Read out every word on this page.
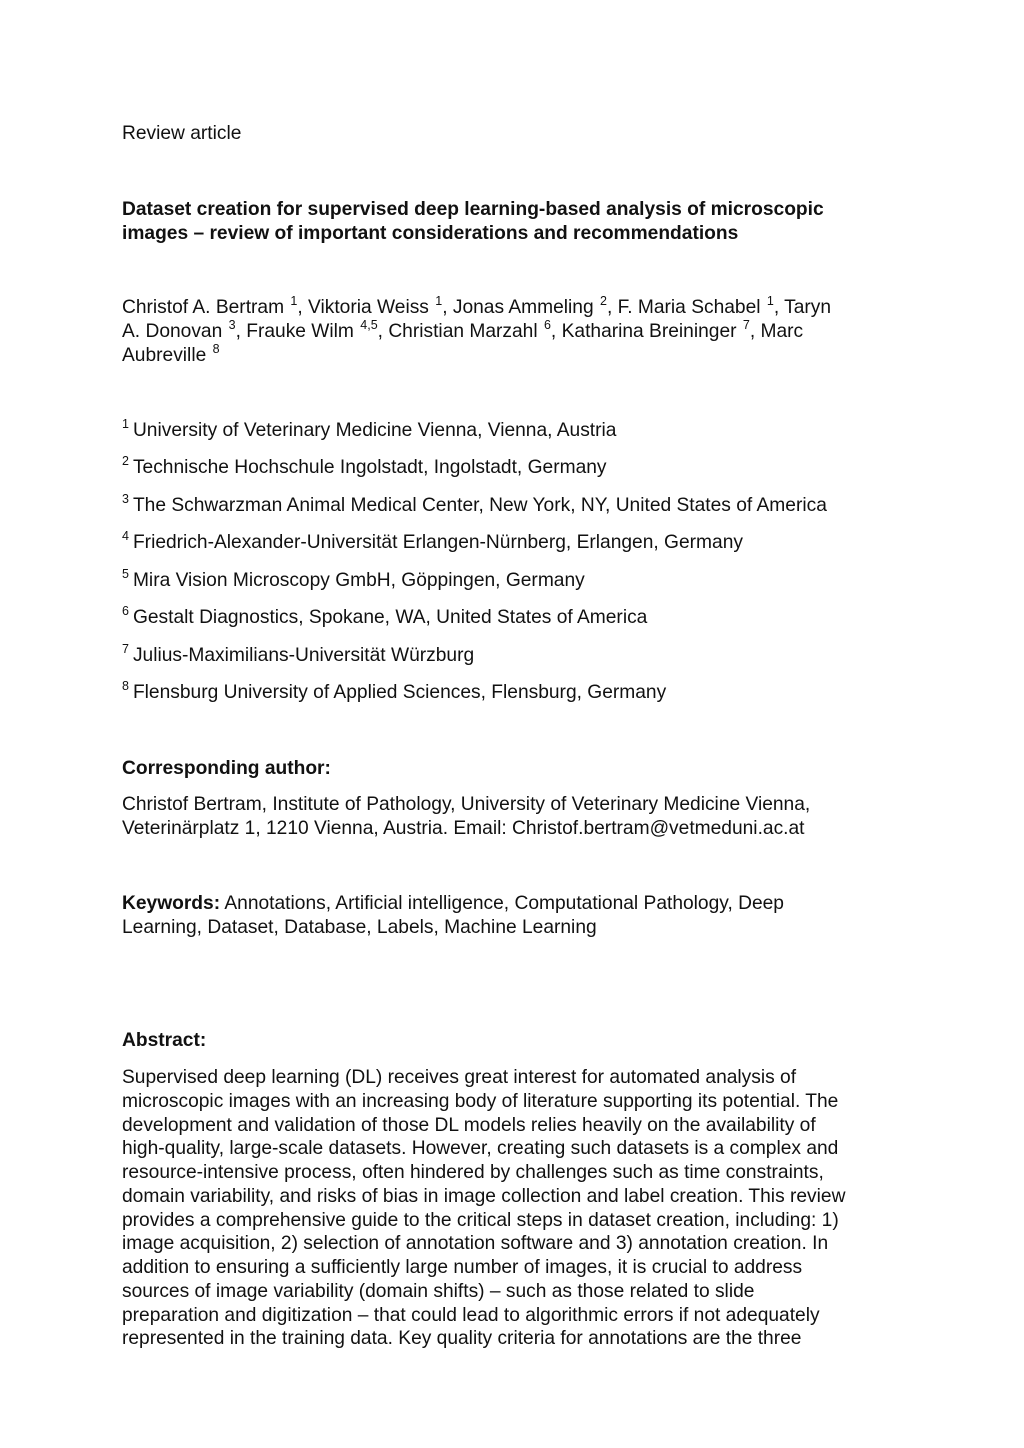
Review article

Dataset creation for supervised deep learning-based analysis of microscopic
images – review of important considerations and recommendations
Christof A. Bertram $^1$, Viktoria Weiss $^1$, Jonas Ammeling $^2$, F. Maria Schabel $^1$, Taryn
A. Donovan $^3$, Frauke Wilm $^{4,5}$, Christian Marzahl $^6$, Katharina Breininger $^7$, Marc
Aubreville $^8$
$^1$ University of Veterinary Medicine Vienna, Vienna, Austria
$^2$ Technische Hochschule Ingolstadt, Ingolstadt, Germany
$^3$ The Schwarzman Animal Medical Center, New York, NY, United States of America
$^4$ Friedrich-Alexander-Universität Erlangen-Nürnberg, Erlangen, Germany
$^5$ Mira Vision Microscopy GmbH, Göppingen, Germany
$^6$ Gestalt Diagnostics, Spokane, WA, United States of America
$^7$ Julius-Maximilians-Universität Würzburg
$^8$ Flensburg University of Applied Sciences, Flensburg, Germany
Corresponding author:
Christof Bertram, Institute of Pathology, University of Veterinary Medicine Vienna,
Veterinärplatz 1, 1210 Vienna, Austria. Email: Christof.bertram@vetmeduni.ac.at
Keywords: Annotations, Artificial intelligence, Computational Pathology, Deep
Learning, Dataset, Database, Labels, Machine Learning
Abstract:
Supervised deep learning (DL) receives great interest for automated analysis of
microscopic images with an increasing body of literature supporting its potential. The
development and validation of those DL models relies heavily on the availability of
high-quality, large-scale datasets. However, creating such datasets is a complex and
resource-intensive process, often hindered by challenges such as time constraints,
domain variability, and risks of bias in image collection and label creation. This review
provides a comprehensive guide to the critical steps in dataset creation, including: 1)
image acquisition, 2) selection of annotation software and 3) annotation creation. In
addition to ensuring a sufficiently large number of images, it is crucial to address
sources of image variability (domain shifts) – such as those related to slide
preparation and digitization – that could lead to algorithmic errors if not adequately
represented in the training data. Key quality criteria for annotations are the three
